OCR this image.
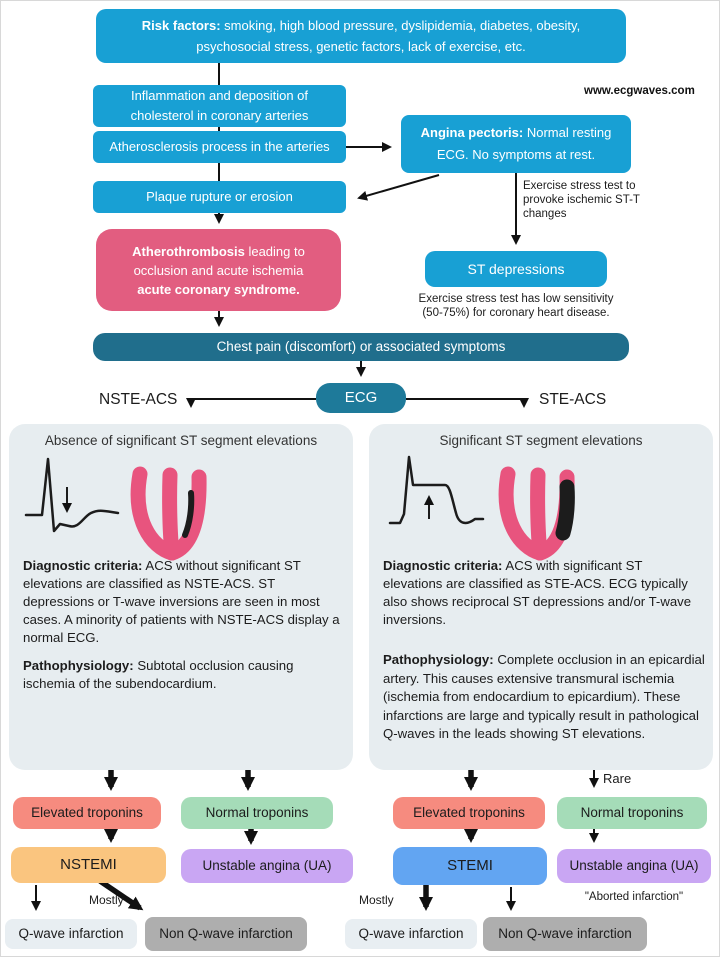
Risk factors: smoking, high blood pressure, dyslipidemia, diabetes, obesity, psychosocial stress, genetic factors, lack of exercise, etc.
www.ecgwaves.com
Inflammation and deposition of cholesterol in coronary arteries
Atherosclerosis process in the arteries
Angina pectoris: Normal resting ECG. No symptoms at rest.
Plaque rupture or erosion
Exercise stress test to provoke ischemic ST-T changes
Atherothrombosis leading to
occlusion and acute ischemia
acute coronary syndrome.
ST depressions
Exercise stress test has low sensitivity
(50-75%) for coronary heart disease.
Chest pain (discomfort) or associated symptoms
ECG
NSTE-ACS	STE-ACS
Absence of significant ST segment elevations

Diagnostic criteria: ACS without significant ST elevations are classified as NSTE-ACS. ST depressions or T-wave inversions are seen in most cases. A minority of patients with NSTE-ACS display a normal ECG.
Pathophysiology: Subtotal occlusion causing ischemia of the subendocardium.
Significant ST segment elevations

Diagnostic criteria: ACS with significant ST elevations are classified as STE-ACS. ECG typically also shows reciprocal ST depressions and/or T-wave inversions.
Pathophysiology: Complete occlusion in an epicardial artery. This causes extensive transmural ischemia (ischemia from endocardium to epicardium). These infarctions are large and typically result in pathological Q-waves in the leads showing ST elevations.
Elevated troponins	Normal troponins
NSTEMI	Unstable angina (UA)
Mostly
Q-wave infarction	Non Q-wave infarction
Rare
Elevated troponins	Normal troponins
STEMI	Unstable angina (UA)
"Aborted infarction"
Mostly
Q-wave infarction	Non Q-wave infarction
